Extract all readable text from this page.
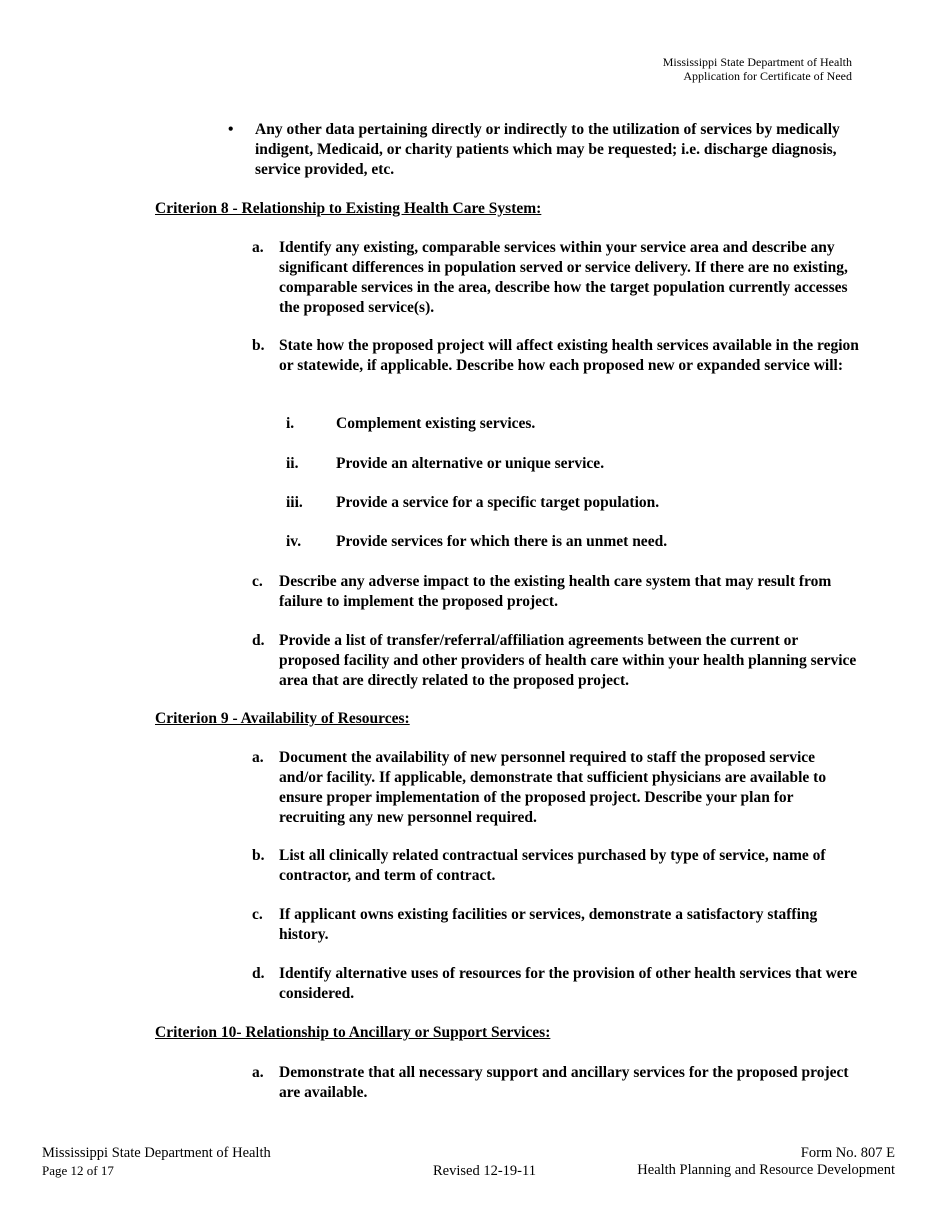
Mississippi State Department of Health
Application for Certificate of Need
• Any other data pertaining directly or indirectly to the utilization of services by medically indigent, Medicaid, or charity patients which may be requested; i.e. discharge diagnosis, service provided, etc.
Criterion 8 - Relationship to Existing Health Care System:
a. Identify any existing, comparable services within your service area and describe any significant differences in population served or service delivery. If there are no existing, comparable services in the area, describe how the target population currently accesses the proposed service(s).
b. State how the proposed project will affect existing health services available in the region or statewide, if applicable. Describe how each proposed new or expanded service will:
i.	Complement existing services.
ii. Provide an alternative or unique service.
iii. Provide a service for a specific target population.
iv. Provide services for which there is an unmet need.
c. Describe any adverse impact to the existing health care system that may result from failure to implement the proposed project.
d. Provide a list of transfer/referral/affiliation agreements between the current or proposed facility and other providers of health care within your health planning service area that are directly related to the proposed project.
Criterion 9 - Availability of Resources:
a. Document the availability of new personnel required to staff the proposed service and/or facility. If applicable, demonstrate that sufficient physicians are available to ensure proper implementation of the proposed project. Describe your plan for recruiting any new personnel required.
b. List all clinically related contractual services purchased by type of service, name of contractor, and term of contract.
c. If applicant owns existing facilities or services, demonstrate a satisfactory staffing history.
d. Identify alternative uses of resources for the provision of other health services that were considered.
Criterion 10- Relationship to Ancillary or Support Services:
a. Demonstrate that all necessary support and ancillary services for the proposed project are available.
Mississippi State Department of Health
Page 12 of 17	Revised 12-19-11
Form No. 807 E
Health Planning and Resource Development
